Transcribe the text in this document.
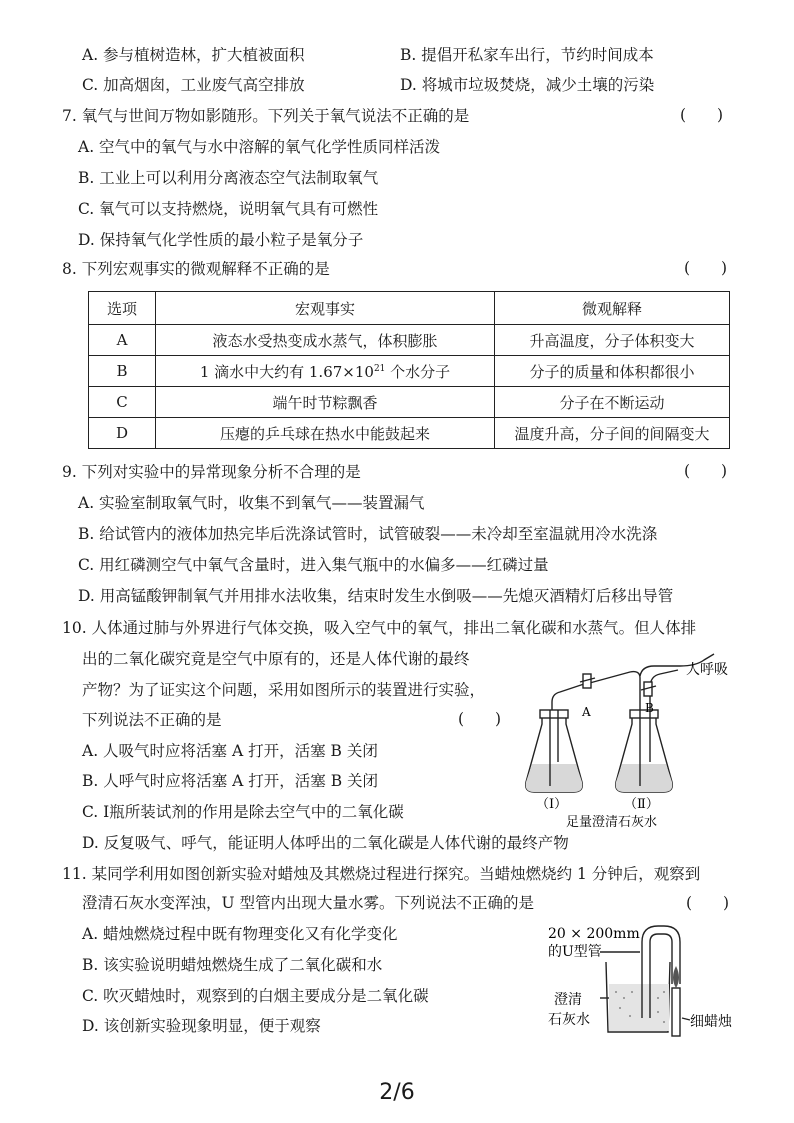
A. 参与植树造林，扩大植被面积	B. 提倡开私家车出行，节约时间成本
C. 加高烟囱，工业废气高空排放	D. 将城市垃圾焚烧，减少土壤的污染
7. 氧气与世间万物如影随形。下列关于氧气说法不正确的是	(　　)
A. 空气中的氧气与水中溶解的氧气化学性质同样活泼
B. 工业上可以利用分离液态空气法制取氧气
C. 氧气可以支持燃烧，说明氧气具有可燃性
D. 保持氧气化学性质的最小粒子是氧分子
8. 下列宏观事实的微观解释不正确的是	(　　)
选项	宏观事实	微观解释
A	液态水受热变成水蒸气，体积膨胀	升高温度，分子体积变大
B	1 滴水中大约有 $1.67\times 10^{21}$ 个水分子	分子的质量和体积都很小
C	端午时节粽飘香	分子在不断运动
D	压瘪的乒乓球在热水中能鼓起来	温度升高，分子间的间隔变大
9. 下列对实验中的异常现象分析不合理的是	(　　)
A. 实验室制取氧气时，收集不到氧气——装置漏气
B. 给试管内的液体加热完毕后洗涤试管时，试管破裂——未冷却至室温就用冷水洗涤
C. 用红磷测空气中氧气含量时，进入集气瓶中的水偏多——红磷过量
D. 用高锰酸钾制氧气并用排水法收集，结束时发生水倒吸——先熄灭酒精灯后移出导管
10. 人体通过肺与外界进行气体交换，吸入空气中的氧气，排出二氧化碳和水蒸气。但人体排
出的二氧化碳究竟是空气中原有的，还是人体代谢的最终
产物？为了证实这个问题，采用如图所示的装置进行实验，
下列说法不正确的是	(　　)
A. 人吸气时应将活塞 A 打开，活塞 B 关闭
B. 人呼气时应将活塞 A 打开，活塞 B 关闭
C. Ⅰ瓶所装试剂的作用是除去空气中的二氧化碳
D. 反复吸气、呼气，能证明人体呼出的二氧化碳是人体代谢的最终产物
A	B
人呼吸
（Ⅰ）	（Ⅱ）
足量澄清石灰水
11. 某同学利用如图创新实验对蜡烛及其燃烧过程进行探究。当蜡烛燃烧约 1 分钟后，观察到
澄清石灰水变浑浊，U 型管内出现大量水雾。下列说法不正确的是	(　　)
A. 蜡烛燃烧过程中既有物理变化又有化学变化
B. 该实验说明蜡烛燃烧生成了二氧化碳和水
C. 吹灭蜡烛时，观察到的白烟主要成分是二氧化碳
D. 该创新实验现象明显，便于观察
20 × 200mm
的U型管
澄清
石灰水	细蜡烛
2/6
